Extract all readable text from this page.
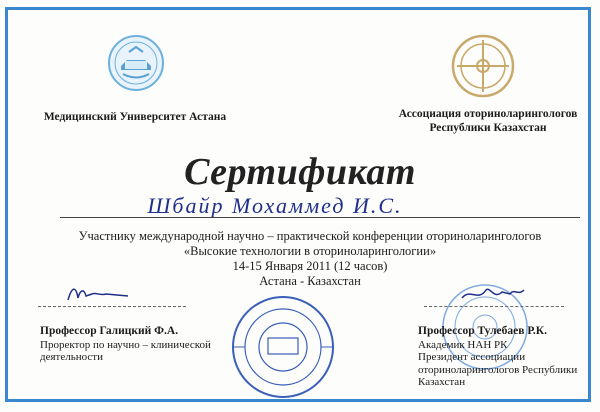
Медицинский Университет Астана	Ассоциация оториноларингологов Республики Казахстан
Сертификат
Шбайр Мохаммед И.С.
Участнику международной научно – практической конференции оториноларингологов
«Высокие технологии в оториноларингологии»
14-15 Января 2011 (12 часов)
Астана - Казахстан
Профессор Галицкий Ф.А.
Проректор по научно – клинической деятельности
Профессор Тулебаев Р.К.
Академик НАН РК
Президент ассоциации оториноларингологов Республики Казахстан
